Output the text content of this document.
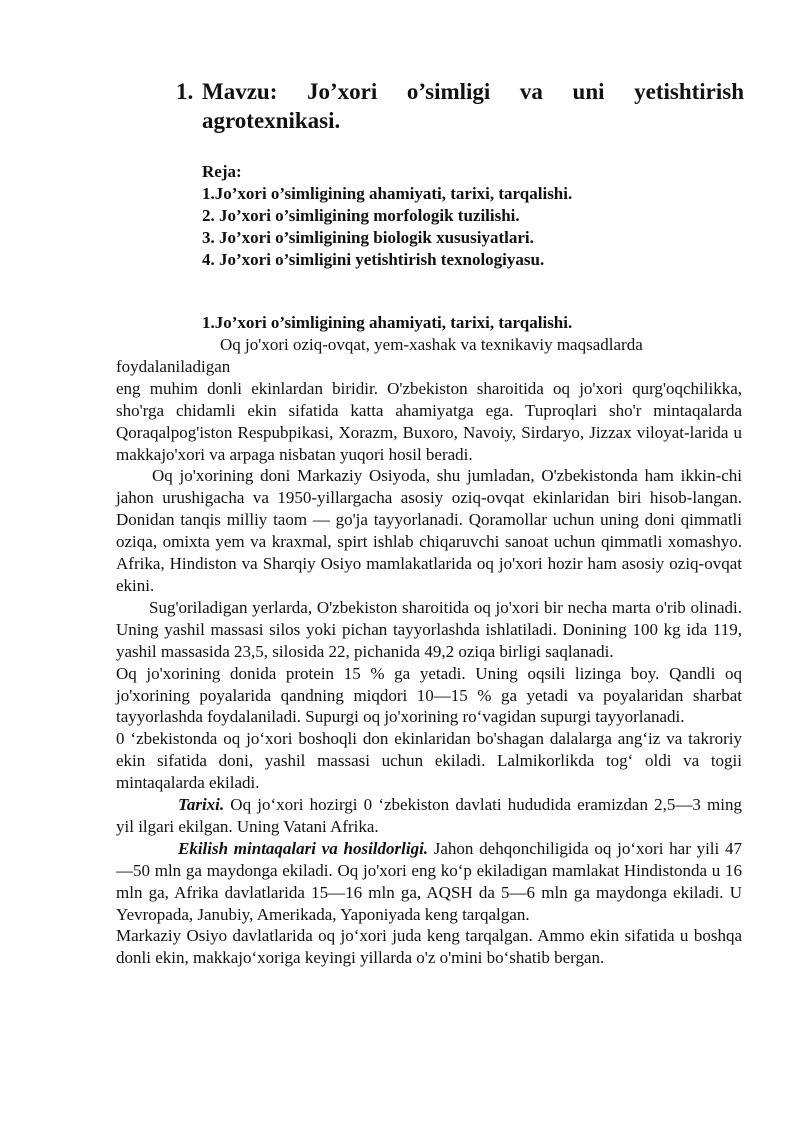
1. Mavzu: Jo’xori o’simligi va uni yetishtirish
agrotexnikasi.
Reja:
1.Jo’xori o’simligining ahamiyati, tarixi, tarqalishi.
2. Jo’xori o’simligining morfologik tuzilishi.
3. Jo’xori o’simligining biologik xususiyatlari.
4. Jo’xori o’simligini yetishtirish texnologiyasu.
1.Jo’xori o’simligining ahamiyati, tarixi, tarqalishi.

Oq jo'xori oziq-ovqat, yem-xashak va texnikaviy maqsadlarda foydalaniladigan

eng muhim donli ekinlardan biridir. O'zbekiston sharoitida oq jo'xori qurg'oqchilikka, sho'rga chidamli ekin sifatida katta ahamiyatga ega. Tuproqlari sho'r mintaqalarda Qoraqalpog'iston Respubpikasi, Xorazm, Buxoro, Navoiy, Sirdaryo, Jizzax viloyat-larida u makkajo'xori va arpaga nisbatan yuqori hosil beradi.

Oq jo'xorining doni Markaziy Osiyoda, shu jumladan, O'zbekistonda ham ikkin-chi jahon urushigacha va 1950-yillargacha asosiy oziq-ovqat ekinlaridan biri hisob-langan. Donidan tanqis milliy taom — go'ja tayyorlanadi. Qoramollar uchun uning doni qimmatli oziqa, omixta yem va kraxmal, spirt ishlab chiqaruvchi sanoat uchun qimmatli xomashyo. Afrika, Hindiston va Sharqiy Osiyo mamlakatlarida oq jo'xori hozir ham asosiy oziq-ovqat ekini.

Sug'oriladigan yerlarda, O'zbekiston sharoitida oq jo'xori bir necha marta o'rib olinadi. Uning yashil massasi silos yoki pichan tayyorlashda ishlatiladi. Donining 100 kg ida 119, yashil massasida 23,5, silosida 22, pichanida 49,2 oziqa birligi saqlanadi.

Oq jo'xorining donida protein 15 % ga yetadi. Uning oqsili lizinga boy. Qandli oq jo'xorining poyalarida qandning miqdori 10—15 % ga yetadi va poyalaridan sharbat tayyorlashda foydalaniladi. Supurgi oq jo'xorining ro‘vagidan supurgi tayyorlanadi.

0 ‘zbekistonda oq jo‘xori boshoqli don ekinlaridan bo'shagan dalalarga ang‘iz va takroriy ekin sifatida doni, yashil massasi uchun ekiladi. Lalmikorlikda tog‘ oldi va togii mintaqalarda ekiladi.

Tarixi. Oq jo‘xori hozirgi 0 ‘zbekiston davlati hududida eramizdan 2,5—3 ming yil ilgari ekilgan. Uning Vatani Afrika.

Ekilish mintaqalari va hosildorligi. Jahon dehqonchiligida oq jo‘xori har yili 47—50 mln ga maydonga ekiladi. Oq jo'xori eng ko‘p ekiladigan mamlakat Hindistonda u 16 mln ga, Afrika davlatlarida 15—16 mln ga, AQSH da 5—6 mln ga maydonga ekiladi. U Yevropada, Janubiy, Amerikada, Yaponiyada keng tarqalgan.

Markaziy Osiyo davlatlarida oq jo‘xori juda keng tarqalgan. Ammo ekin sifatida u boshqa donli ekin, makkajo‘xoriga keyingi yillarda o'z o'mini bo‘shatib bergan.
